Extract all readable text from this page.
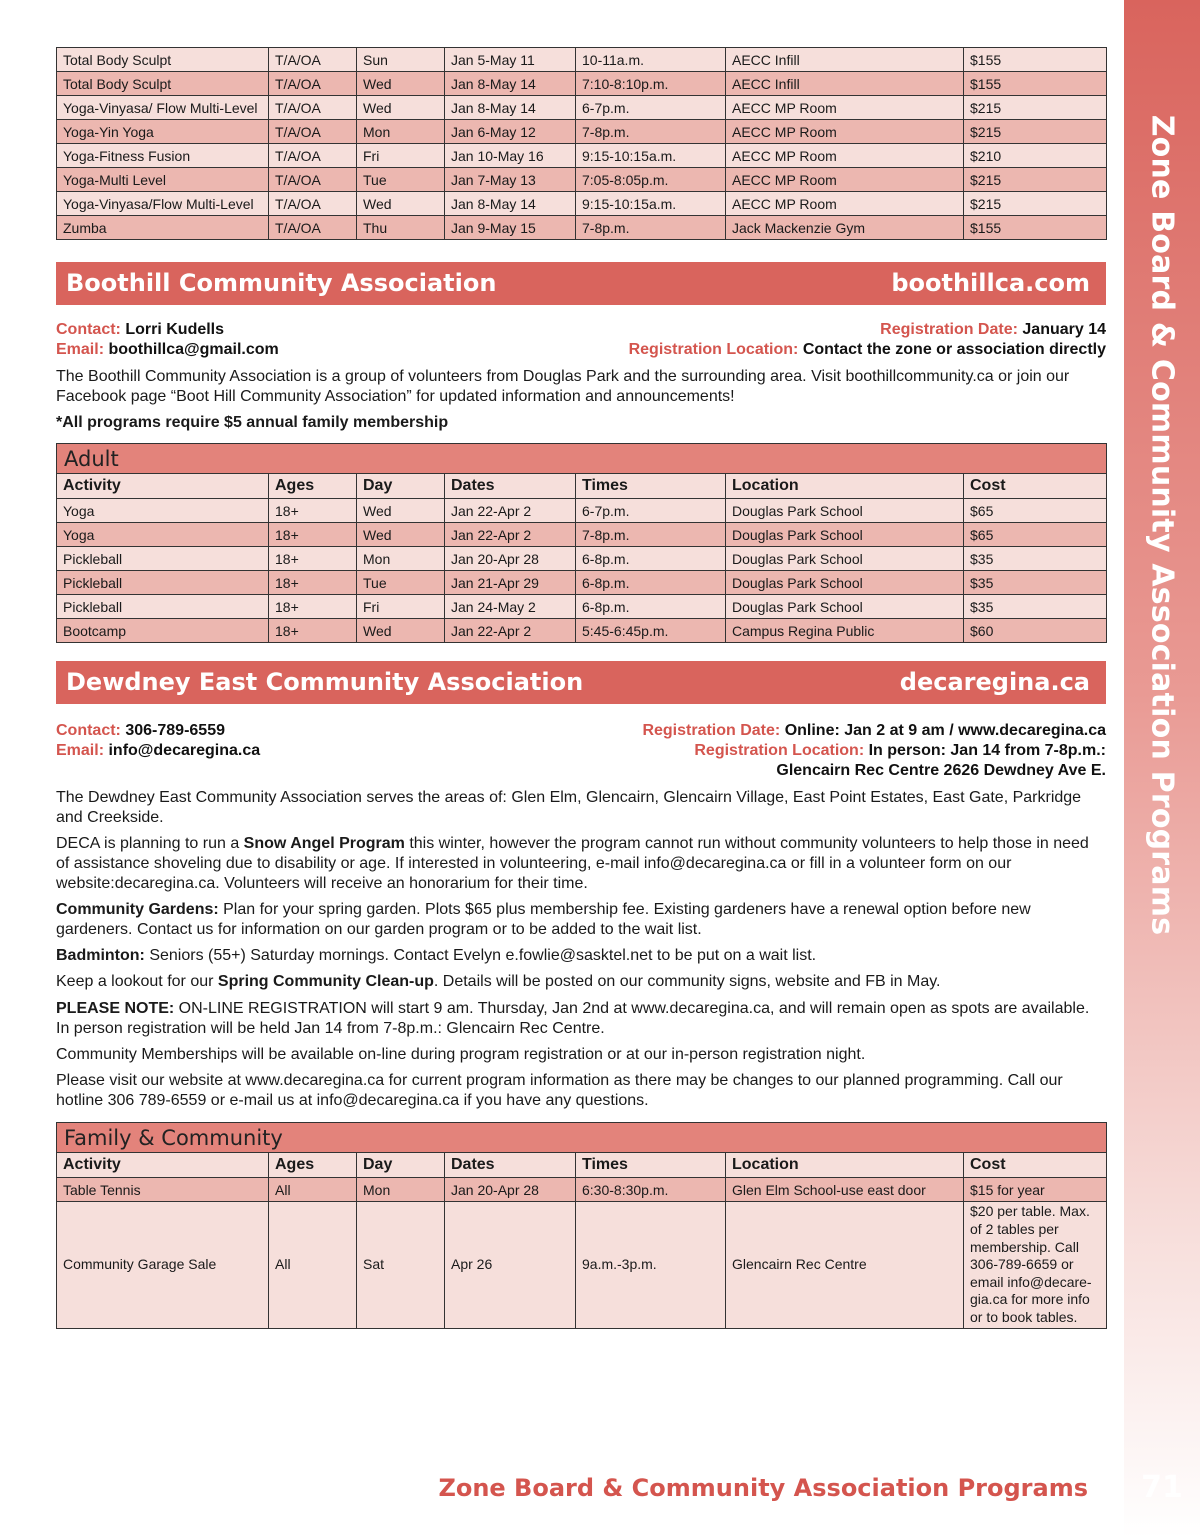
Zone Board & Community Association Programs
Total Body Sculpt	T/A/OA	Sun	Jan 5-May 11	10-11a.m.	AECC Infill	$155
Total Body Sculpt	T/A/OA	Wed	Jan 8-May 14	7:10-8:10p.m.	AECC Infill	$155
Yoga-Vinyasa/ Flow Multi-Level	T/A/OA	Wed	Jan 8-May 14	6-7p.m.	AECC MP Room	$215
Yoga-Yin Yoga	T/A/OA	Mon	Jan 6-May 12	7-8p.m.	AECC MP Room	$215
Yoga-Fitness Fusion	T/A/OA	Fri	Jan 10-May 16	9:15-10:15a.m.	AECC MP Room	$210
Yoga-Multi Level	T/A/OA	Tue	Jan 7-May 13	7:05-8:05p.m.	AECC MP Room	$215
Yoga-Vinyasa/Flow Multi-Level	T/A/OA	Wed	Jan 8-May 14	9:15-10:15a.m.	AECC MP Room	$215
Zumba	T/A/OA	Thu	Jan 9-May 15	7-8p.m.	Jack Mackenzie Gym	$155
Boothill Community Association	boothillca.com
Contact: Lorri Kudells
Email: boothillca@gmail.com
Registration Date: January 14
Registration Location: Contact the zone or association directly
The Boothill Community Association is a group of volunteers from Douglas Park and the surrounding area. Visit boothillcommunity.ca or join our Facebook page “Boot Hill Community Association” for updated information and announcements!
*All programs require $5 annual family membership
Adult						
Activity	Ages	Day	Dates	Times	Location	Cost
Yoga	18+	Wed	Jan 22-Apr 2	6-7p.m.	Douglas Park School	$65
Yoga	18+	Wed	Jan 22-Apr 2	7-8p.m.	Douglas Park School	$65
Pickleball	18+	Mon	Jan 20-Apr 28	6-8p.m.	Douglas Park School	$35
Pickleball	18+	Tue	Jan 21-Apr 29	6-8p.m.	Douglas Park School	$35
Pickleball	18+	Fri	Jan 24-May 2	6-8p.m.	Douglas Park School	$35
Bootcamp	18+	Wed	Jan 22-Apr 2	5:45-6:45p.m.	Campus Regina Public	$60
Dewdney East Community Association	decaregina.ca
Contact: 306-789-6559
Email: info@decaregina.ca
Registration Date: Online: Jan 2 at 9 am / www.decaregina.ca
Registration Location: In person: Jan 14 from 7-8p.m.:
Glencairn Rec Centre 2626 Dewdney Ave E.
The Dewdney East Community Association serves the areas of: Glen Elm, Glencairn, Glencairn Village, East Point Estates, East Gate, Parkridge and Creekside.
DECA is planning to run a Snow Angel Program this winter, however the program cannot run without community volunteers to help those in need of assistance shoveling due to disability or age. If interested in volunteering, e-mail info@decaregina.ca or fill in a volunteer form on our website:decaregina.ca. Volunteers will receive an honorarium for their time.
Community Gardens: Plan for your spring garden. Plots $65 plus membership fee. Existing gardeners have a renewal option before new gardeners. Contact us for information on our garden program or to be added to the wait list.
Badminton: Seniors (55+) Saturday mornings. Contact Evelyn e.fowlie@sasktel.net to be put on a wait list.
Keep a lookout for our Spring Community Clean-up. Details will be posted on our community signs, website and FB in May.
PLEASE NOTE: ON-LINE REGISTRATION will start 9 am. Thursday, Jan 2nd at www.decaregina.ca, and will remain open as spots are available. In person registration will be held Jan 14 from 7-8p.m.: Glencairn Rec Centre.
Community Memberships will be available on-line during program registration or at our in-person registration night.
Please visit our website at www.decaregina.ca for current program information as there may be changes to our planned programming. Call our hotline 306 789-6559 or e-mail us at info@decaregina.ca if you have any questions.
Family & Community						
Activity	Ages	Day	Dates	Times	Location	Cost
Table Tennis	All	Mon	Jan 20-Apr 28	6:30-8:30p.m.	Glen Elm School-use east door	$15 for year
Community Garage Sale	All	Sat	Apr 26	9a.m.-3p.m.	Glencairn Rec Centre	$20 per table. Max. of 2 tables per membership. Call 306-789-6659 or email info@decare-gia.ca for more info or to book tables.
Zone Board & Community Association Programs	71
